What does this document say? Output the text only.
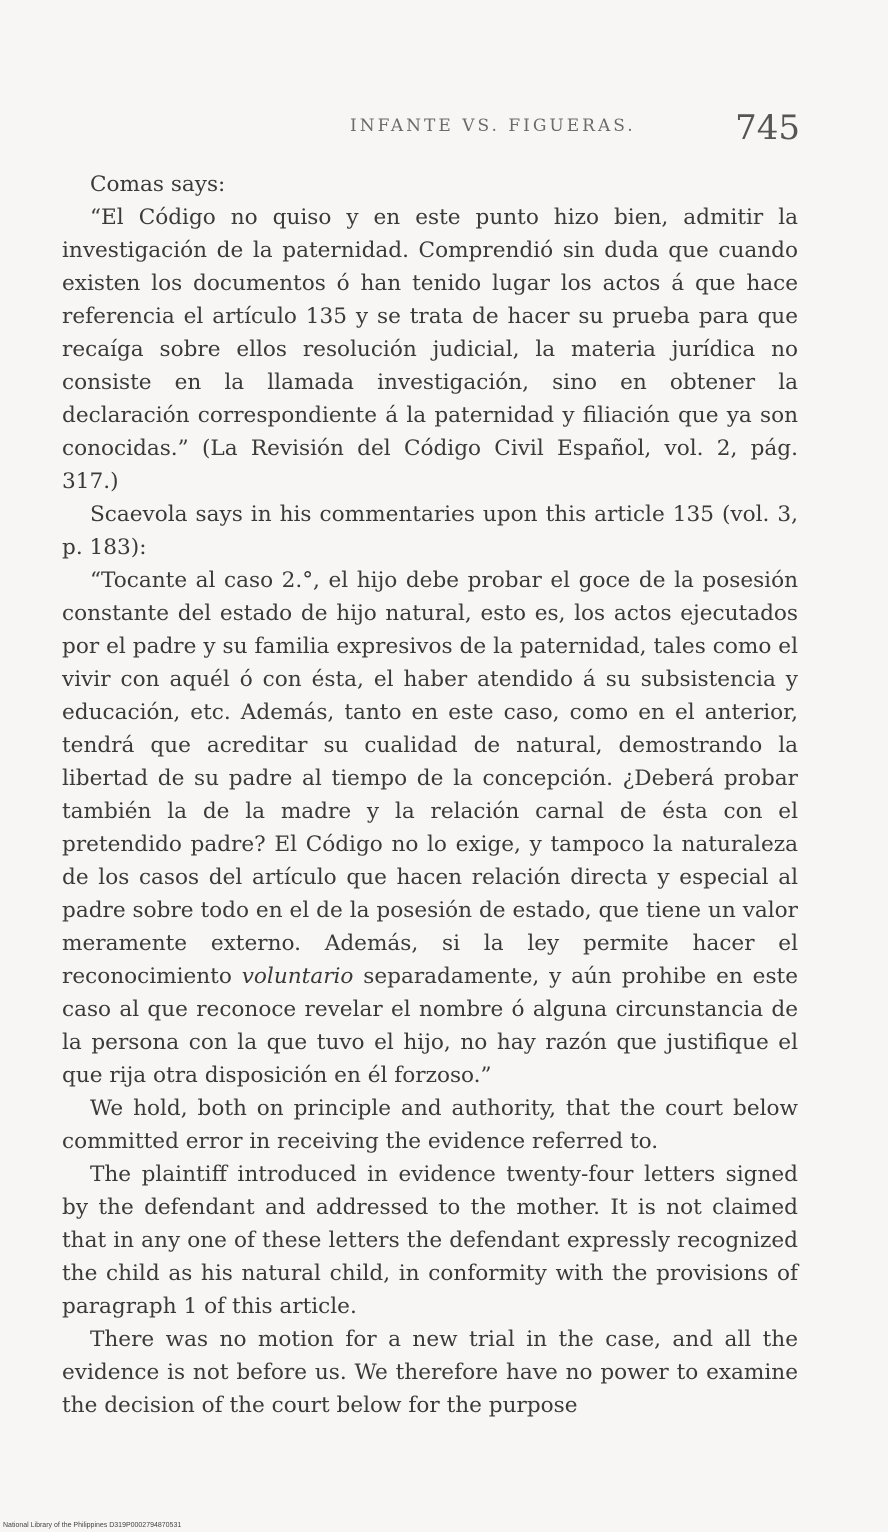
INFANTE VS. FIGUERAS.	745

Comas says:

“El Código no quiso y en este punto hizo bien, admitir la investigación de la paternidad. Comprendió sin duda que cuando existen los documentos ó han tenido lugar los actos á que hace referencia el artículo 135 y se trata de hacer su prueba para que recaíga sobre ellos resolución judicial, la materia jurídica no consiste en la llamada investigación, sino en obtener la declaración correspondiente á la paternidad y filiación que ya son conocidas.” (La Revisión del Código Civil Español, vol. 2, pág. 317.)

Scaevola says in his commentaries upon this article 135 (vol. 3, p. 183):

“Tocante al caso 2.°, el hijo debe probar el goce de la posesión constante del estado de hijo natural, esto es, los actos ejecutados por el padre y su familia expresivos de la paternidad, tales como el vivir con aquél ó con ésta, el haber atendido á su subsistencia y educación, etc. Además, tanto en este caso, como en el anterior, tendrá que acreditar su cualidad de natural, demostrando la libertad de su padre al tiempo de la concepción. ¿Deberá probar también la de la madre y la relación carnal de ésta con el pretendido padre? El Código no lo exige, y tampoco la naturaleza de los casos del artículo que hacen relación directa y especial al padre sobre todo en el de la posesión de estado, que tiene un valor meramente externo. Además, si la ley permite hacer el reconocimiento voluntario separadamente, y aún prohibe en este caso al que reconoce revelar el nombre ó alguna circunstancia de la persona con la que tuvo el hijo, no hay razón que justifique el que rija otra disposición en él forzoso.”

We hold, both on principle and authority, that the court below committed error in receiving the evidence referred to.

The plaintiff introduced in evidence twenty-four letters signed by the defendant and addressed to the mother. It is not claimed that in any one of these letters the defendant expressly recognized the child as his natural child, in conformity with the provisions of paragraph 1 of this article.

There was no motion for a new trial in the case, and all the evidence is not before us. We therefore have no power to examine the decision of the court below for the purpose

National Library of the Philippines D319P0002794870531
